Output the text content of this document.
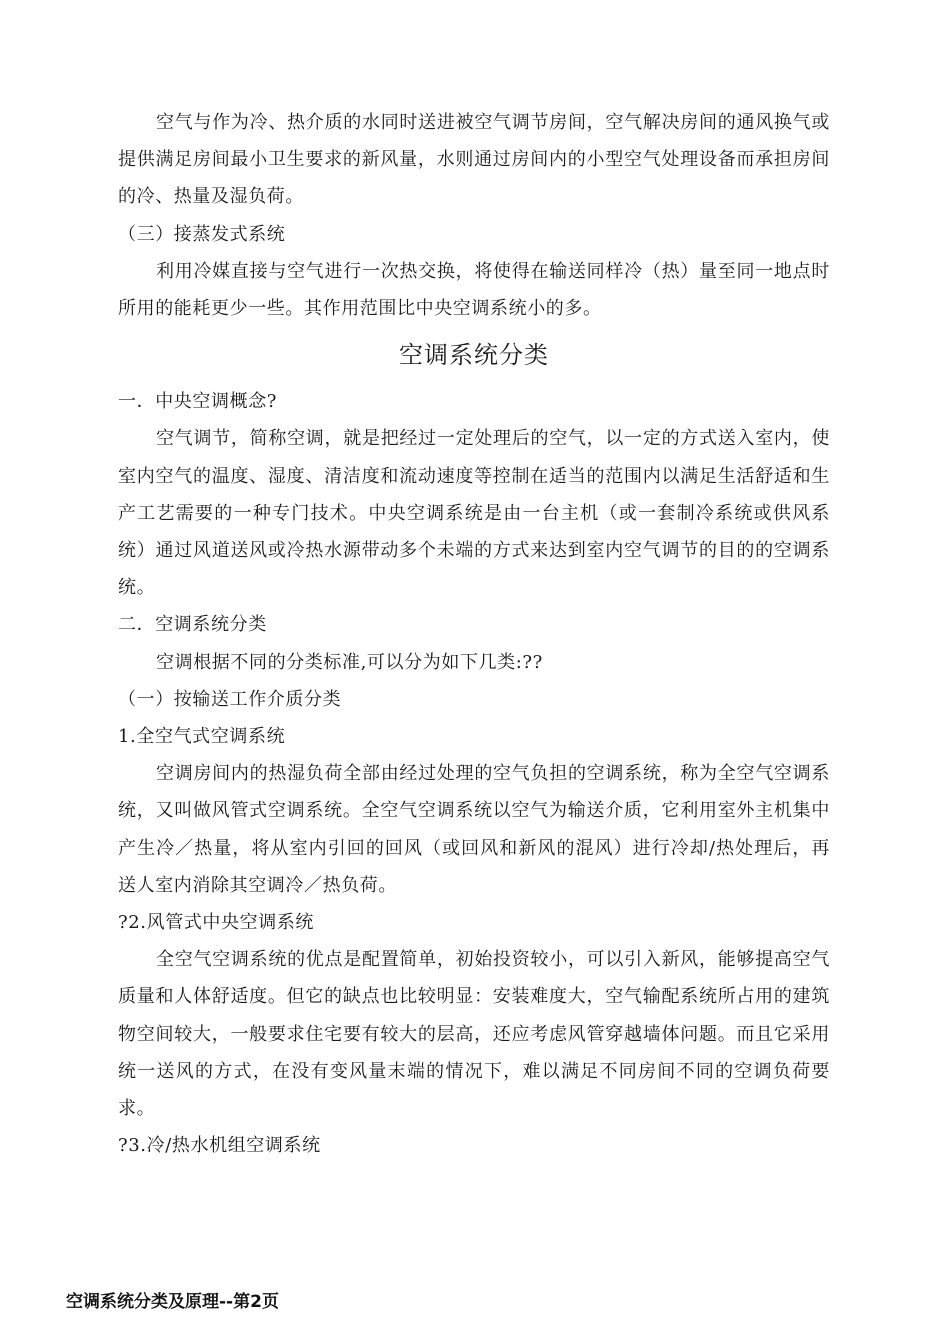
空气与作为冷、热介质的水同时送进被空气调节房间，空气解决房间的通风换气或提供满足房间最小卫生要求的新风量，水则通过房间内的小型空气处理设备而承担房间的冷、热量及湿负荷。

（三）接蒸发式系统

利用冷媒直接与空气进行一次热交换，将使得在输送同样冷（热）量至同一地点时所用的能耗更少一些。其作用范围比中央空调系统小的多。

空调系统分类

一．中央空调概念?

空气调节，简称空调，就是把经过一定处理后的空气，以一定的方式送入室内，使室内空气的温度、湿度、清洁度和流动速度等控制在适当的范围内以满足生活舒适和生产工艺需要的一种专门技术。中央空调系统是由一台主机（或一套制冷系统或供风系统）通过风道送风或冷热水源带动多个未端的方式来达到室内空气调节的目的的空调系统。

二．空调系统分类

空调根据不同的分类标准,可以分为如下几类:??

（一）按输送工作介质分类

1.全空气式空调系统

空调房间内的热湿负荷全部由经过处理的空气负担的空调系统，称为全空气空调系统，又叫做风管式空调系统。全空气空调系统以空气为输送介质，它利用室外主机集中产生冷／热量，将从室内引回的回风（或回风和新风的混风）进行冷却/热处理后，再送人室内消除其空调冷／热负荷。

?2.风管式中央空调系统

全空气空调系统的优点是配置简单，初始投资较小，可以引入新风，能够提高空气质量和人体舒适度。但它的缺点也比较明显：安装难度大，空气输配系统所占用的建筑物空间较大，一般要求住宅要有较大的层高，还应考虑风管穿越墙体问题。而且它采用统一送风的方式，在没有变风量末端的情况下，难以满足不同房间不同的空调负荷要求。

?3.冷/热水机组空调系统

空调系统分类及原理--第2页
